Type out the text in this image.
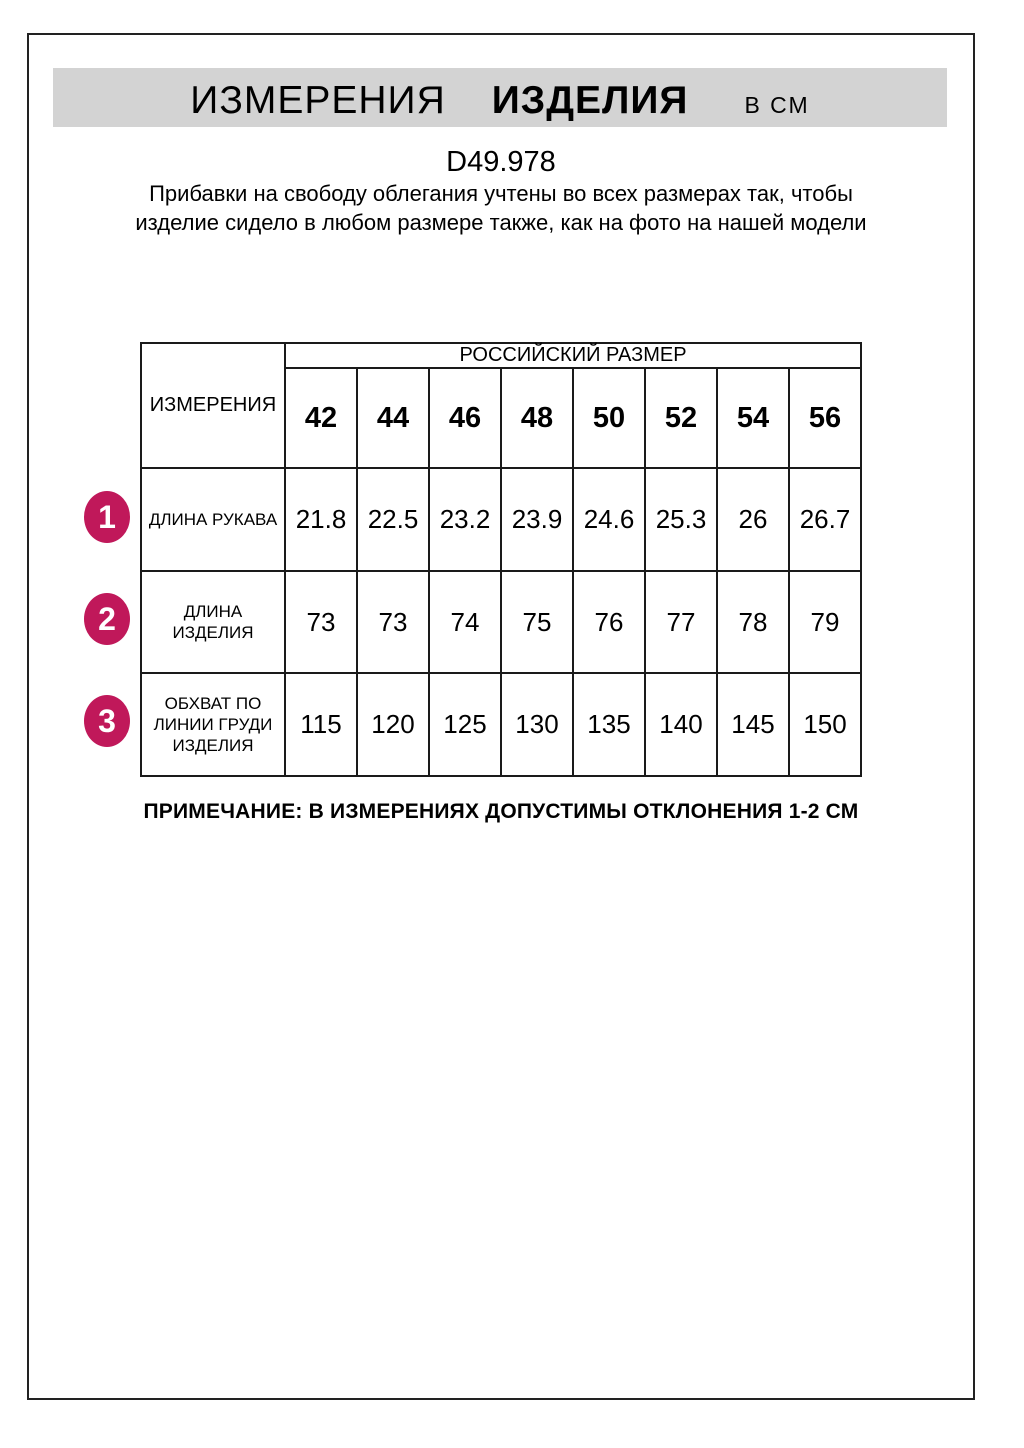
ИЗМЕРЕНИЯ ИЗДЕЛИЯ В СМ
D49.978
Прибавки на свободу облегания учтены во всех размерах так, чтобы изделие сидело в любом размере также, как на фото на нашей модели
ИЗМЕРЕНИЯ	РОССИЙСКИЙ РАЗМЕР							
	42	44	46	48	50	52	54	56
ДЛИНА РУКАВА	21.8	22.5	23.2	23.9	24.6	25.3	26	26.7
ДЛИНА ИЗДЕЛИЯ	73	73	74	75	76	77	78	79
ОБХВАТ ПО ЛИНИИ ГРУДИ ИЗДЕЛИЯ	115	120	125	130	135	140	145	150
1
2
3
ПРИМЕЧАНИЕ: В ИЗМЕРЕНИЯХ ДОПУСТИМЫ ОТКЛОНЕНИЯ 1-2 СМ
